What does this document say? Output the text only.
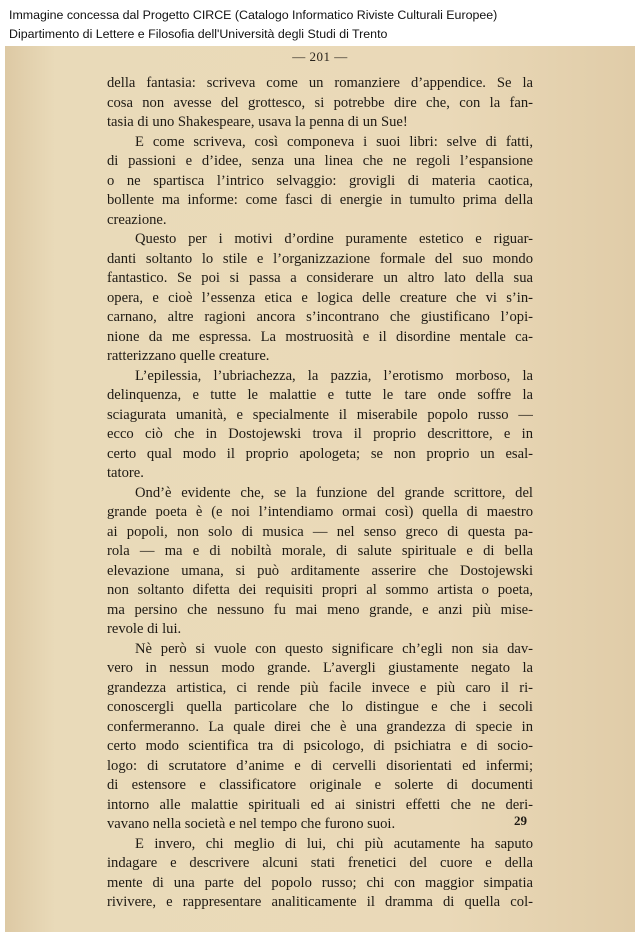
Immagine concessa dal Progetto CIRCE (Catalogo Informatico Riviste Culturali Europee)
Dipartimento di Lettere e Filosofia dell'Università degli Studi di Trento
— 201 —
della fantasia: scriveva come un romanziere d’appendice. Se la
cosa non avesse del grottesco, si potrebbe dire che, con la fan-
tasia di uno Shakespeare, usava la penna di un Sue!
E come scriveva, così componeva i suoi libri: selve di fatti,
di passioni e d’idee, senza una linea che ne regoli l’espansione
o ne spartisca l’intrico selvaggio: grovigli di materia caotica,
bollente ma informe: come fasci di energie in tumulto prima della
creazione.
Questo per i motivi d’ordine puramente estetico e riguar-
danti soltanto lo stile e l’organizzazione formale del suo mondo
fantastico. Se poi si passa a considerare un altro lato della sua
opera, e cioè l’essenza etica e logica delle creature che vi s’in-
carnano, altre ragioni ancora s’incontrano che giustificano l’opi-
nione da me espressa. La mostruosità e il disordine mentale ca-
ratterizzano quelle creature.
L’epilessia, l’ubriachezza, la pazzia, l’erotismo morboso, la
delinquenza, e tutte le malattie e tutte le tare onde soffre la
sciagurata umanità, e specialmente il miserabile popolo russo —
ecco ciò che in Dostojewski trova il proprio descrittore, e in
certo qual modo il proprio apologeta; se non proprio un esal-
tatore.
Ond’è evidente che, se la funzione del grande scrittore, del
grande poeta è (e noi l’intendiamo ormai così) quella di maestro
ai popoli, non solo di musica — nel senso greco di questa pa-
rola — ma e di nobiltà morale, di salute spirituale e di bella
elevazione umana, si può arditamente asserire che Dostojewski
non soltanto difetta dei requisiti propri al sommo artista o poeta,
ma persino che nessuno fu mai meno grande, e anzi più mise-
revole di lui.
Nè però si vuole con questo significare ch’egli non sia dav-
vero in nessun modo grande. L’avergli giustamente negato la
grandezza artistica, ci rende più facile invece e più caro il ri-
conoscergli quella particolare che lo distingue e che i secoli
confermeranno. La quale direi che è una grandezza di specie in
certo modo scientifica tra di psicologo, di psichiatra e di socio-
logo: di scrutatore d’anime e di cervelli disorientati ed infermi;
di estensore e classificatore originale e solerte di documenti
intorno alle malattie spirituali ed ai sinistri effetti che ne deri-
vavano nella società e nel tempo che furono suoi.
E invero, chi meglio di lui, chi più acutamente ha saputo
indagare e descrivere alcuni stati frenetici del cuore e della
mente di una parte del popolo russo; chi con maggior simpatia
rivivere, e rappresentare analiticamente il dramma di quella col-
29
